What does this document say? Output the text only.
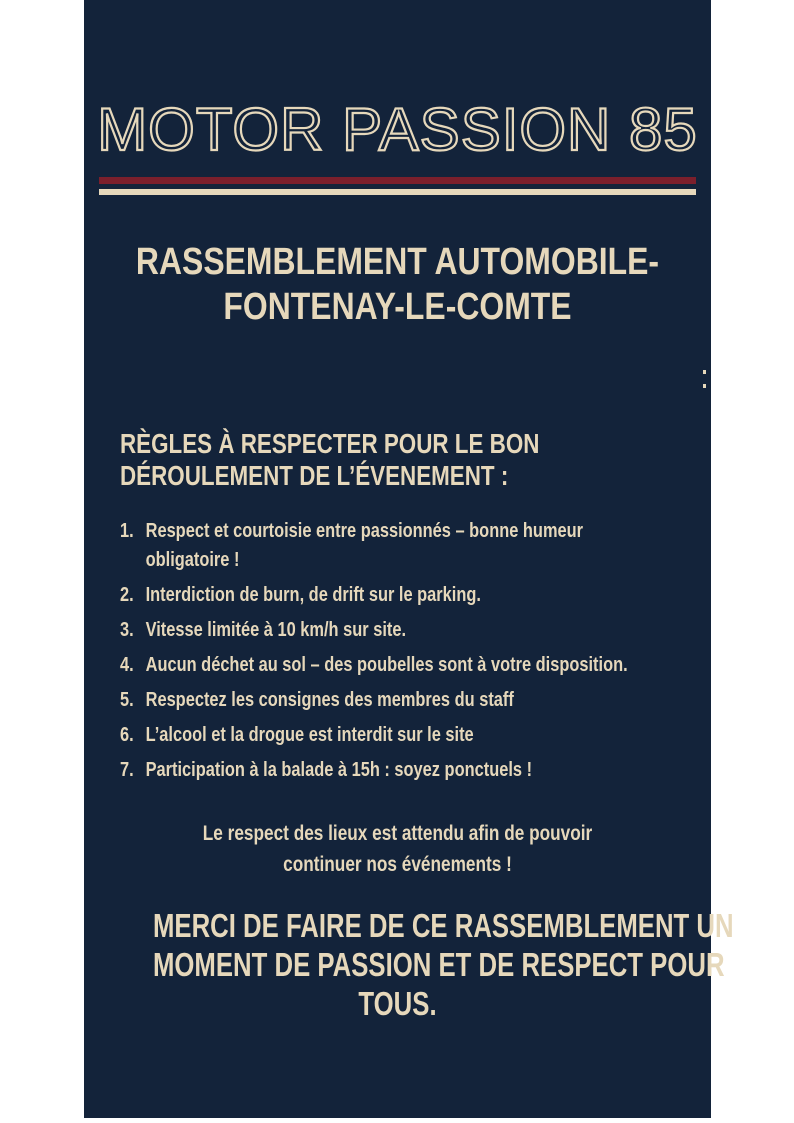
MOTOR PASSION 85
RASSEMBLEMENT AUTOMOBILE-
FONTENAY-LE-COMTE
RÈGLES À RESPECTER POUR LE BON
DÉROULEMENT DE L’ÉVENEMENT :
1. Respect et courtoisie entre passionnés – bonne humeur
obligatoire !
2. Interdiction de burn, de drift sur le parking.
3. Vitesse limitée à 10 km/h sur site.
4. Aucun déchet au sol – des poubelles sont à votre disposition.
5. Respectez les consignes des membres du staff
6. L’alcool et la drogue est interdit sur le site
7. Participation à la balade à 15h : soyez ponctuels !
Le respect des lieux est attendu afin de pouvoir
continuer nos événements !
MERCI DE FAIRE DE CE RASSEMBLEMENT UN
MOMENT DE PASSION ET DE RESPECT POUR
TOUS.
